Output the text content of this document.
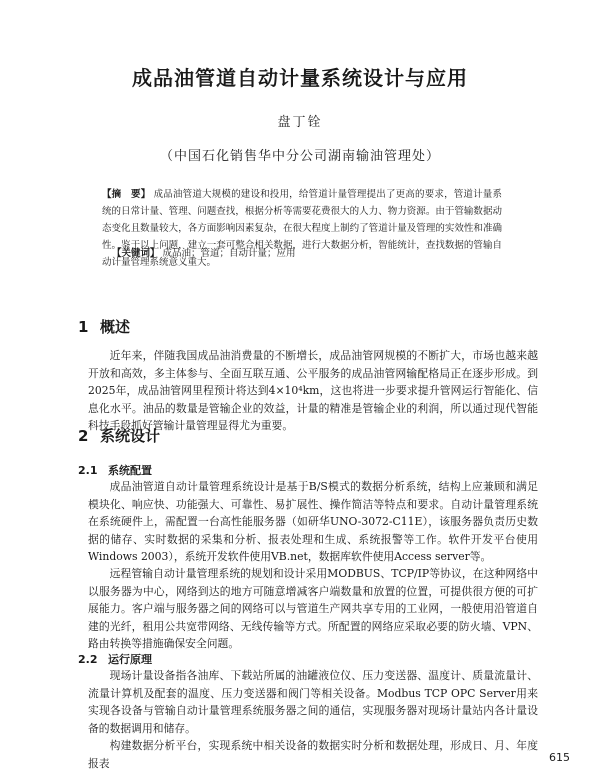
成品油管道自动计量系统设计与应用
盘丁铨
（中国石化销售华中分公司湖南输油管理处）
【摘　要】 成品油管道大规模的建设和投用，给管道计量管理提出了更高的要求，管道计量系统的日常计量、管理、问题查找，根据分析等需要花费很大的人力、物力资源。由于管输数据动态变化且数量较大，各方面影响因素复杂，在很大程度上制约了管道计量及管理的实效性和准确性。鉴于以上问题，建立一套可整合相关数据，进行大数据分析，智能统计，查找数据的管输自动计量管理系统意义重大。
【关键词】 成品油；管道；自动计量；应用
1 概述
近年来，伴随我国成品油消费量的不断增长，成品油管网规模的不断扩大，市场也越来越开放和高效，多主体参与、全面互联互通、公平服务的成品油管网输配格局正在逐步形成。到2025年，成品油管网里程预计将达到4×10⁴km，这也将进一步要求提升管网运行智能化、信息化水平。油品的数量是管输企业的效益，计量的精准是管输企业的利润，所以通过现代智能科技手段抓好管输计量管理显得尤为重要。
2 系统设计
2.1 系统配置
成品油管道自动计量管理系统设计是基于B/S模式的数据分析系统，结构上应兼顾和满足模块化、响应快、功能强大、可靠性、易扩展性、操作简洁等特点和要求。自动计量管理系统在系统硬件上，需配置一台高性能服务器（如研华UNO-3072-C11E），该服务器负责历史数据的储存、实时数据的采集和分析、报表处理和生成、系统报警等工作。软件开发平台使用Windows 2003），系统开发软件使用VB.net，数据库软件使用Access server等。
远程管输自动计量管理系统的规划和设计采用MODBUS、TCP/IP等协议，在这种网络中以服务器为中心，网络到达的地方可随意增减客户端数量和放置的位置，可提供很方便的可扩展能力。客户端与服务器之间的网络可以与管道生产网共享专用的工业网，一般使用沿管道自建的光纤，租用公共宽带网络、无线传输等方式。所配置的网络应采取必要的防火墙、VPN、路由转换等措施确保安全问题。
2.2 运行原理
现场计量设备指各油库、下载站所属的油罐液位仪、压力变送器、温度计、质量流量计、流量计算机及配套的温度、压力变送器和阀门等相关设备。Modbus TCP OPC Server用来实现各设备与管输自动计量管理系统服务器之间的通信，实现服务器对现场计量站内各计量设备的数据调用和储存。
构建数据分析平台，实现系统中相关设备的数据实时分析和数据处理，形成日、月、年度报表	615
